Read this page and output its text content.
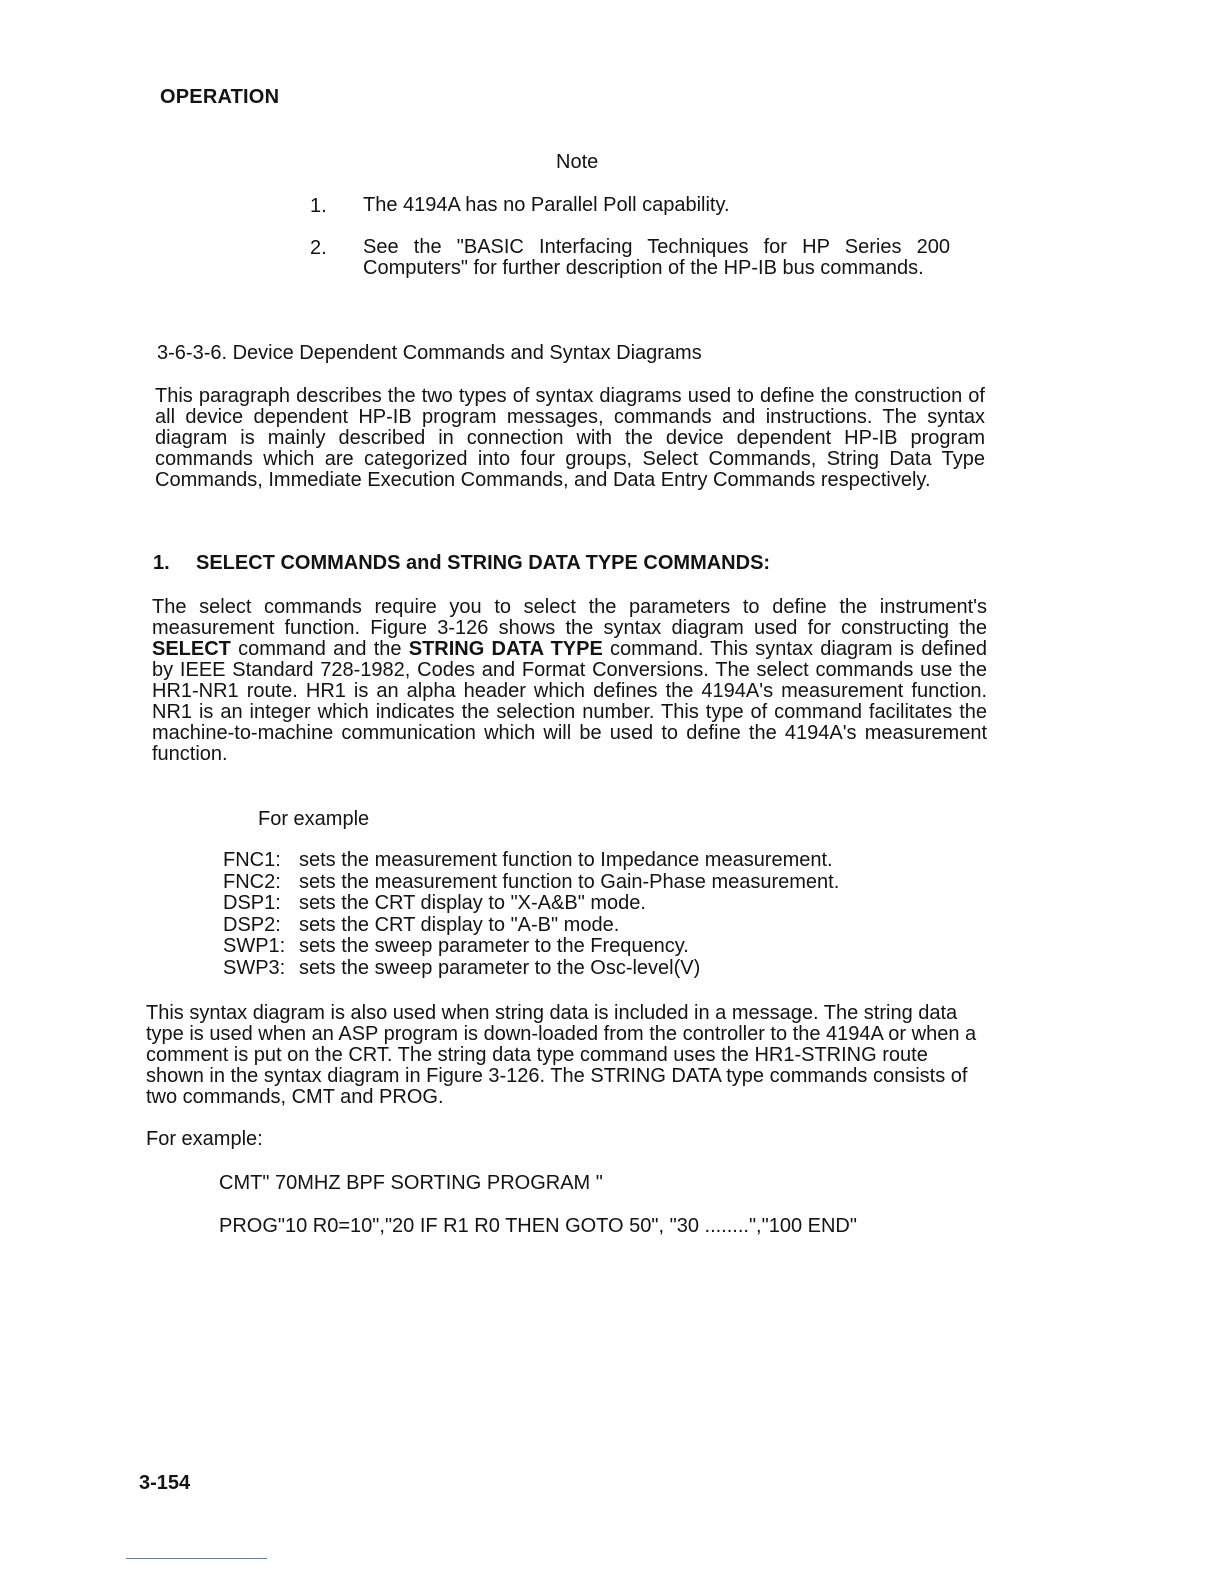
OPERATION
Note
1. The 4194A has no Parallel Poll capability.
2. See the "BASIC Interfacing Techniques for HP Series 200 Computers" for further description of the HP-IB bus commands.
3-6-3-6. Device Dependent Commands and Syntax Diagrams

This paragraph describes the two types of syntax diagrams used to define the construction of all device dependent HP-IB program messages, commands and instructions. The syntax diagram is mainly described in connection with the device dependent HP-IB program commands which are categorized into four groups, Select Commands, String Data Type Commands, Immediate Execution Commands, and Data Entry Commands respectively.

1. SELECT COMMANDS and STRING DATA TYPE COMMANDS:

The select commands require you to select the parameters to define the instrument's measurement function. Figure 3-126 shows the syntax diagram used for constructing the SELECT command and the STRING DATA TYPE command. This syntax diagram is defined by IEEE Standard 728-1982, Codes and Format Conversions. The select commands use the HR1-NR1 route. HR1 is an alpha header which defines the 4194A's measurement function. NR1 is an integer which indicates the selection number. This type of command facilitates the machine-to-machine communication which will be used to define the 4194A's measurement function.

For example
FNC1: sets the measurement function to Impedance measurement.
FNC2: sets the measurement function to Gain-Phase measurement.
DSP1: sets the CRT display to "X-A&B" mode.
DSP2: sets the CRT display to "A-B" mode.
SWP1: sets the sweep parameter to the Frequency.
SWP3: sets the sweep parameter to the Osc-level(V)

This syntax diagram is also used when string data is included in a message. The string data type is used when an ASP program is down-loaded from the controller to the 4194A or when a comment is put on the CRT. The string data type command uses the HR1-STRING route shown in the syntax diagram in Figure 3-126. The STRING DATA type commands consists of two commands, CMT and PROG.

For example:
CMT" 70MHZ BPF SORTING PROGRAM "
PROG"10 R0=10","20 IF R1 R0 THEN GOTO 50", "30 ........","100 END"
3-154
